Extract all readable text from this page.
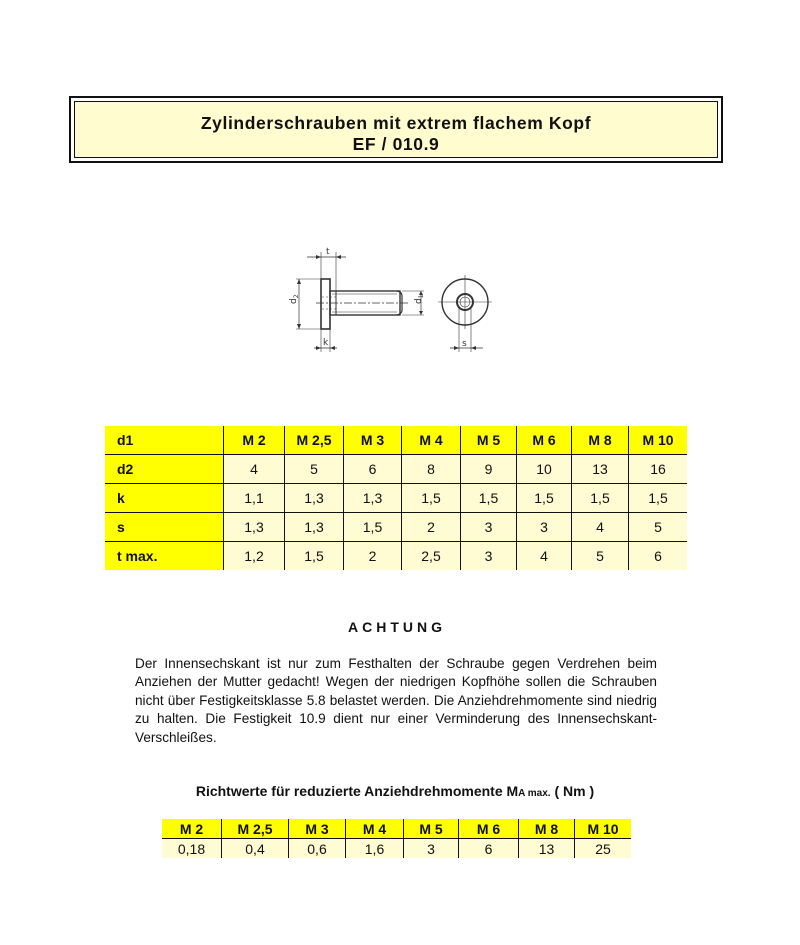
Zylinderschrauben mit extrem flachem Kopf
EF / 010.9
t
$d_2$
$d_1$
k	s
d1	M 2	M 2,5	M 3	M 4	M 5	M 6	M 8	M 10
d2	4	5	6	8	9	10	13	16
k	1,1	1,3	1,3	1,5	1,5	1,5	1,5	1,5
s	1,3	1,3	1,5	2	3	3	4	5
t max.	1,2	1,5	2	2,5	3	4	5	6
ACHTUNG
Der Innensechskant ist nur zum Festhalten der Schraube gegen Verdrehen beim Anziehen der Mutter gedacht! Wegen der niedrigen Kopfhöhe sollen die Schrauben nicht über Festigkeitsklasse 5.8 belastet werden. Die Anziehdrehmomente sind niedrig zu halten. Die Festigkeit 10.9 dient nur einer Verminderung des Innensechskant-Verschleißes.
Richtwerte für reduzierte Anziehdrehmomente MA max. ( Nm )
M 2	M 2,5	M 3	M 4	M 5	M 6	M 8	M 10
0,18	0,4	0,6	1,6	3	6	13	25
